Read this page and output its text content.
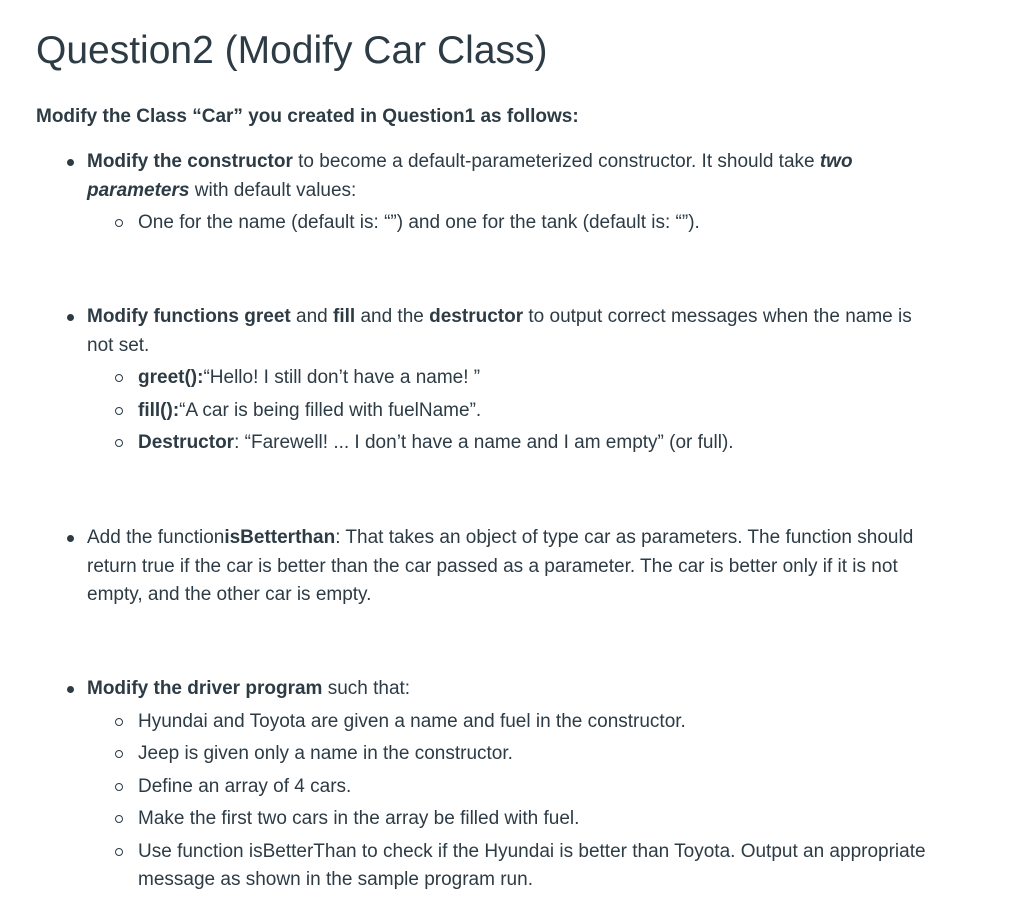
Question2 (Modify Car Class)

Modify the Class “Car” you created in Question1 as follows:

Modify the constructor to become a default-parameterized constructor. It should take two parameters with default values:
One for the name (default is: “”) and one for the tank (default is: “”).
Modify functions greet and fill and the destructor to output correct messages when the name is not set.
greet():“Hello! I still don’t have a name! ”
fill():“A car is being filled with fuelName”.
Destructor: “Farewell! ... I don’t have a name and I am empty” (or full).
Add the functionisBetterthan: That takes an object of type car as parameters. The function should return true if the car is better than the car passed as a parameter. The car is better only if it is not empty, and the other car is empty.
Modify the driver program such that:
Hyundai and Toyota are given a name and fuel in the constructor.
Jeep is given only a name in the constructor.
Define an array of 4 cars.
Make the first two cars in the array be filled with fuel.
Use function isBetterThan to check if the Hyundai is better than Toyota. Output an appropriate message as shown in the sample program run.
